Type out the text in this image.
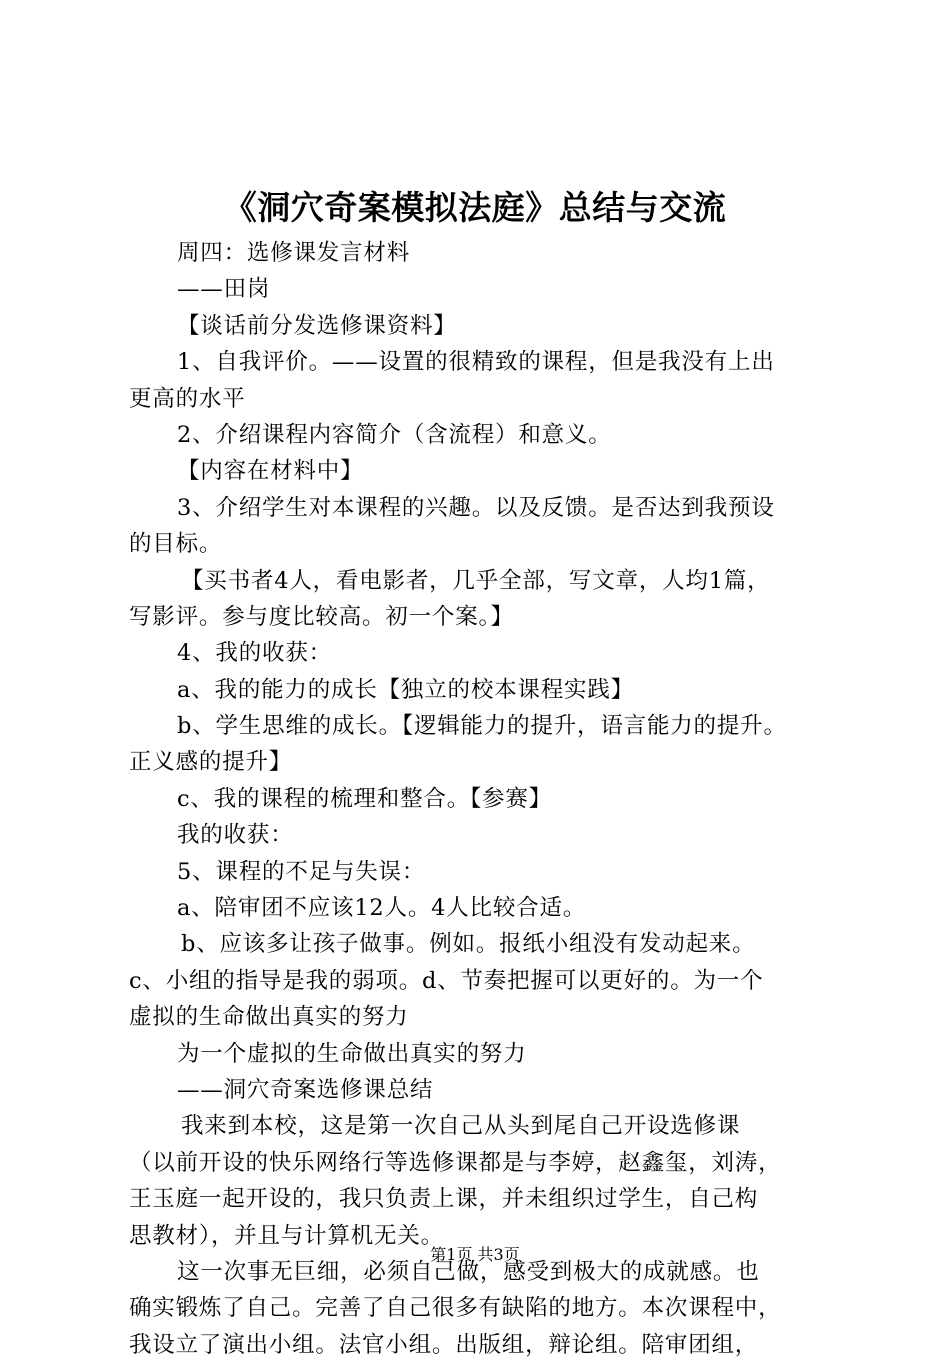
《洞穴奇案模拟法庭》总结与交流
周四：选修课发言材料
——田岗
【谈话前分发选修课资料】
1、自我评价。——设置的很精致的课程，但是我没有上出
更高的水平
2、介绍课程内容简介（含流程）和意义。
【内容在材料中】
3、介绍学生对本课程的兴趣。以及反馈。是否达到我预设
的目标。
【买书者4人，看电影者，几乎全部，写文章，人均1篇，
写影评。参与度比较高。初一个案。】
4、我的收获：
a、我的能力的成长【独立的校本课程实践】
b、学生思维的成长。【逻辑能力的提升，语言能力的提升。
正义感的提升】
c、我的课程的梳理和整合。【参赛】
我的收获：
5、课程的不足与失误：
a、陪审团不应该12人。4人比较合适。
b、应该多让孩子做事。例如。报纸小组没有发动起来。
c、小组的指导是我的弱项。d、节奏把握可以更好的。为一个
虚拟的生命做出真实的努力
为一个虚拟的生命做出真实的努力
——洞穴奇案选修课总结
我来到本校，这是第一次自己从头到尾自己开设选修课
（以前开设的快乐网络行等选修课都是与李婷，赵鑫玺，刘涛，
王玉庭一起开设的，我只负责上课，并未组织过学生，自己构
思教材），并且与计算机无关。
这一次事无巨细，必须自己做，感受到极大的成就感。也
确实锻炼了自己。完善了自己很多有缺陷的地方。本次课程中，
我设立了演出小组。法官小组。出版组，辩论组。陪审团组，
第1页 共3页
